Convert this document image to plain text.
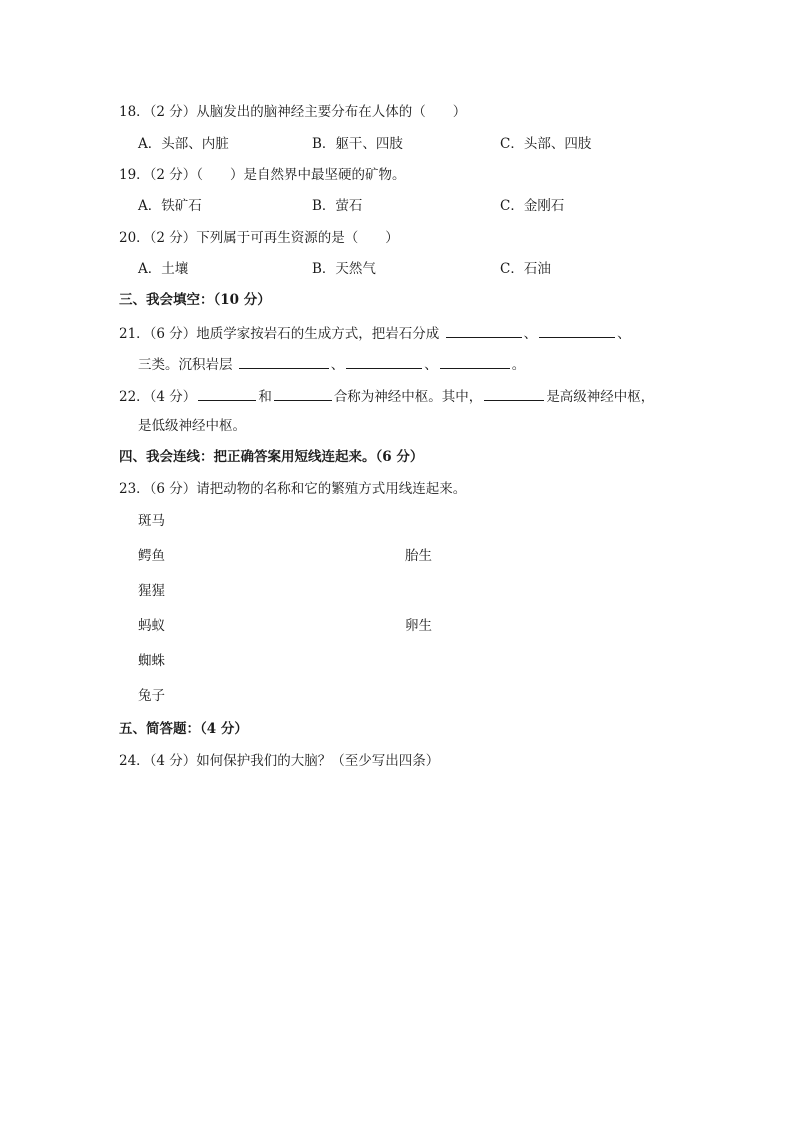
18．（2 分）从脑发出的脑神经主要分布在人体的（　　）
A．头部、内脏	B．躯干、四肢	C．头部、四肢
19．（2 分）（　　）是自然界中最坚硬的矿物。
A．铁矿石	B．萤石	C．金刚石
20．（2 分）下列属于可再生资源的是（　　）
A．土壤	B．天然气	C．石油
三、我会填空：（10 分）
21．（6 分）地质学家按岩石的生成方式，把岩石分成	、	、
三类。沉积岩层	、	、	。
22．（4 分）	和	合称为神经中枢。其中，	是高级神经中枢，
是低级神经中枢。
四、我会连线：把正确答案用短线连起来。（6 分）
23．（6 分）请把动物的名称和它的繁殖方式用线连起来。
斑马
鳄鱼
猩猩
蚂蚁
蜘蛛
兔子
胎生
卵生
五、简答题：（4 分）
24．（4 分）如何保护我们的大脑？（至少写出四条）
